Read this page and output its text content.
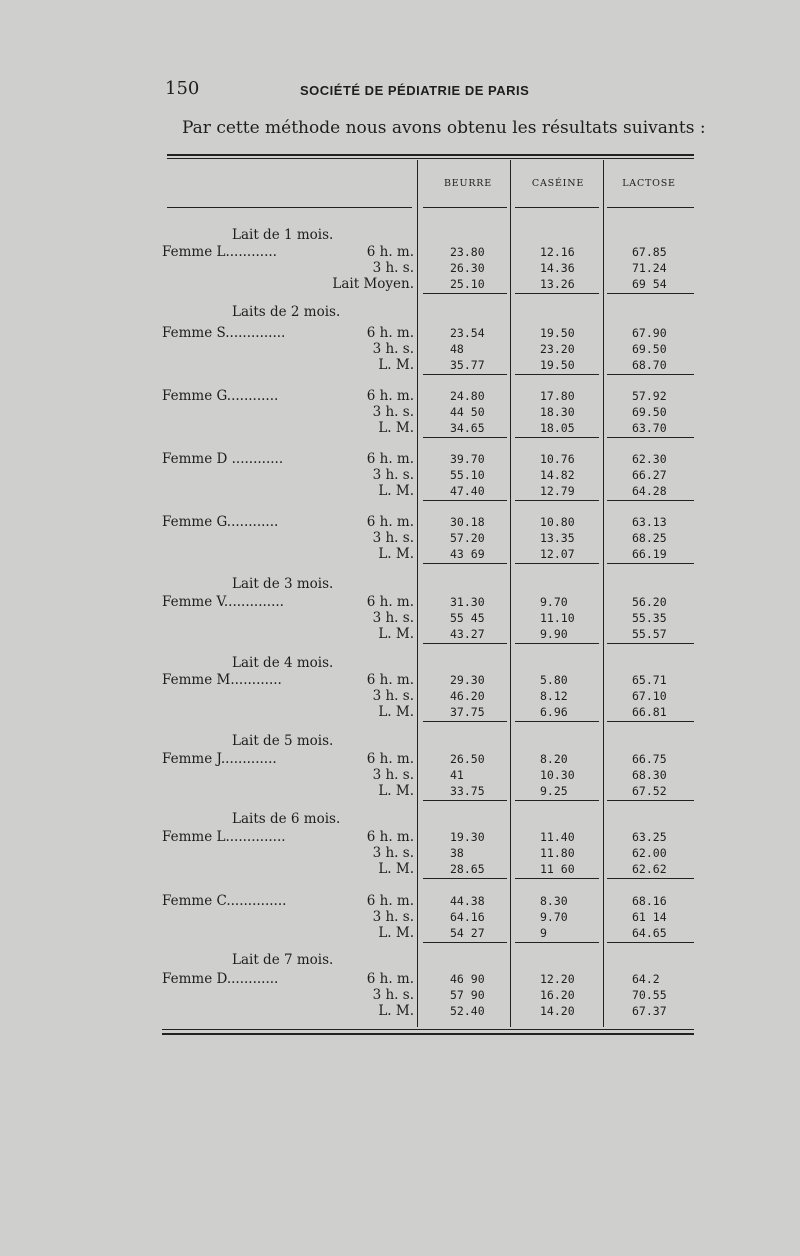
150	SOCIÉTÉ DE PÉDIATRIE DE PARIS
Par cette méthode nous avons obtenu les résultats suivants :
BEURRE	CASÉINE	LACTOSE
Lait de 1 mois.
Femme L............	6 h. m.	23.80	12.16	67.85
3 h. s.	26.30	14.36	71.24
Lait Moyen.	25.10	13.26	69 54
Laits de 2 mois.
Femme S..............	6 h. m.	23.54	19.50	67.90
3 h. s.	48	23.20	69.50
L. M.	35.77	19.50	68.70
Femme G............	6 h. m.	24.80	17.80	57.92
3 h. s.	44 50	18.30	69.50
L. M.	34.65	18.05	63.70
Femme D ............	6 h. m.	39.70	10.76	62.30
3 h. s.	55.10	14.82	66.27
L. M.	47.40	12.79	64.28
Femme G............	6 h. m.	30.18	10.80	63.13
3 h. s.	57.20	13.35	68.25
L. M.	43 69	12.07	66.19
Lait de 3 mois.
Femme V..............	6 h. m.	31.30	9.70	56.20
3 h. s.	55 45	11.10	55.35
L. M.	43.27	9.90	55.57
Lait de 4 mois.
Femme M............	6 h. m.	29.30	5.80	65.71
3 h. s.	46.20	8.12	67.10
L. M.	37.75	6.96	66.81
Lait de 5 mois.
Femme J.............	6 h. m.	26.50	8.20	66.75
3 h. s.	41	10.30	68.30
L. M.	33.75	9.25	67.52
Laits de 6 mois.
Femme L..............	6 h. m.	19.30	11.40	63.25
3 h. s.	38	11.80	62.00
L. M.	28.65	11 60	62.62
Femme C..............	6 h. m.	44.38	8.30	68.16
3 h. s.	64.16	9.70	61 14
L. M.	54 27	9	64.65
Lait de 7 mois.
Femme D............	6 h. m.	46 90	12.20	64.2
3 h. s.	57 90	16.20	70.55
L. M.	52.40	14.20	67.37
